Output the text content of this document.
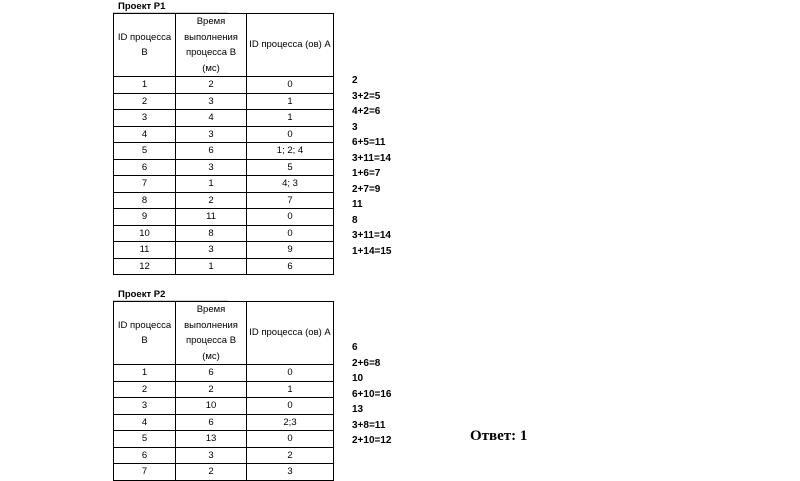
Проект Р1
ID процесса В	Время выполнения процесса В (мс)	ID процесса (ов) А
1	2	0
2	3	1
3	4	1
4	3	0
5	6	1; 2; 4
6	3	5
7	1	4; 3
8	2	7
9	11	0
10	8	0
11	3	9
12	1	6
Проект Р2
ID процесса В	Время выполнения процесса В (мс)	ID процесса (ов) А
1	6	0
2	2	1
3	10	0
4	6	2;3
5	13	0
6	3	2
7	2	3
2
3+2=5
4+2=6
3
6+5=11
3+11=14
1+6=7
2+7=9
11
8
3+11=14
1+14=15
6
2+6=8
10
6+10=16
13
3+8=11
2+10=12	Ответ: 1
